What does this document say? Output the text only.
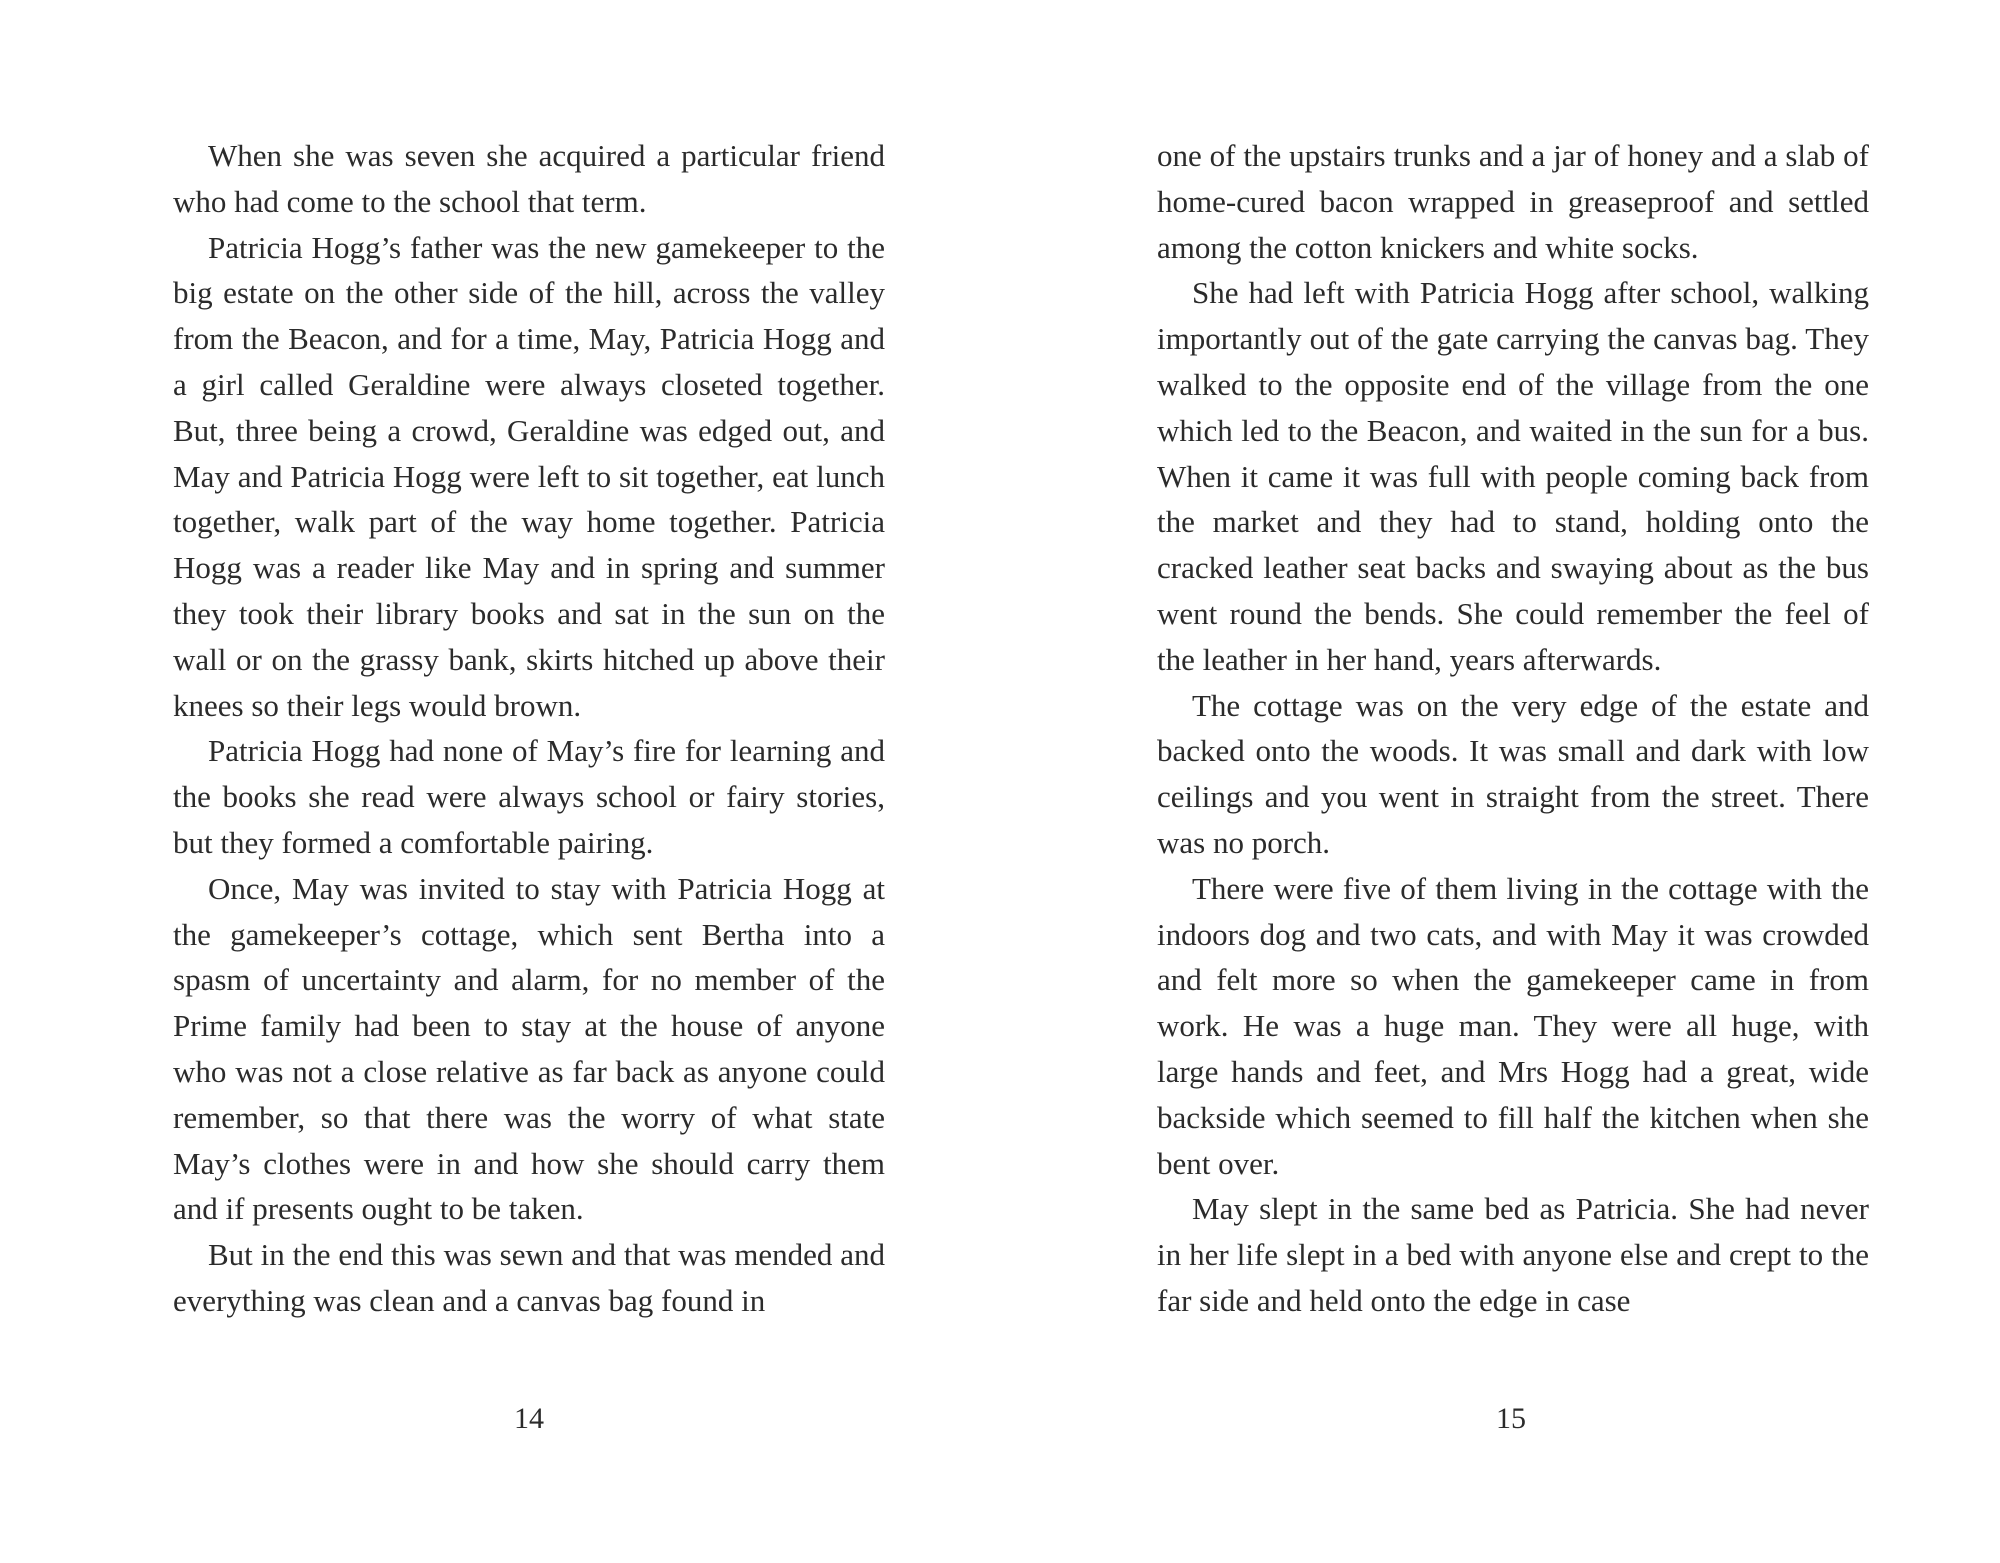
When she was seven she acquired a particular friend who had come to the school that term.

Patricia Hogg’s father was the new gamekeeper to the big estate on the other side of the hill, across the valley from the Beacon, and for a time, May, Patricia Hogg and a girl called Geraldine were always closeted together. But, three being a crowd, Geraldine was edged out, and May and Patricia Hogg were left to sit together, eat lunch together, walk part of the way home together. Patricia Hogg was a reader like May and in spring and summer they took their library books and sat in the sun on the wall or on the grassy bank, skirts hitched up above their knees so their legs would brown.

Patricia Hogg had none of May’s fire for learning and the books she read were always school or fairy stories, but they formed a comfortable pairing.

Once, May was invited to stay with Patricia Hogg at the gamekeeper’s cottage, which sent Bertha into a spasm of uncertainty and alarm, for no member of the Prime family had been to stay at the house of anyone who was not a close relative as far back as anyone could remember, so that there was the worry of what state May’s clothes were in and how she should carry them and if presents ought to be taken.

But in the end this was sewn and that was mended and everything was clean and a canvas bag found in

14

one of the upstairs trunks and a jar of honey and a slab of home-cured bacon wrapped in greaseproof and settled among the cotton knickers and white socks.

She had left with Patricia Hogg after school, walking importantly out of the gate carrying the canvas bag. They walked to the opposite end of the village from the one which led to the Beacon, and waited in the sun for a bus. When it came it was full with people coming back from the market and they had to stand, holding onto the cracked leather seat backs and swaying about as the bus went round the bends. She could remember the feel of the leather in her hand, years afterwards.

The cottage was on the very edge of the estate and backed onto the woods. It was small and dark with low ceilings and you went in straight from the street. There was no porch.

There were five of them living in the cottage with the indoors dog and two cats, and with May it was crowded and felt more so when the gamekeeper came in from work. He was a huge man. They were all huge, with large hands and feet, and Mrs Hogg had a great, wide backside which seemed to fill half the kitchen when she bent over.

May slept in the same bed as Patricia. She had never in her life slept in a bed with anyone else and crept to the far side and held onto the edge in case

15
